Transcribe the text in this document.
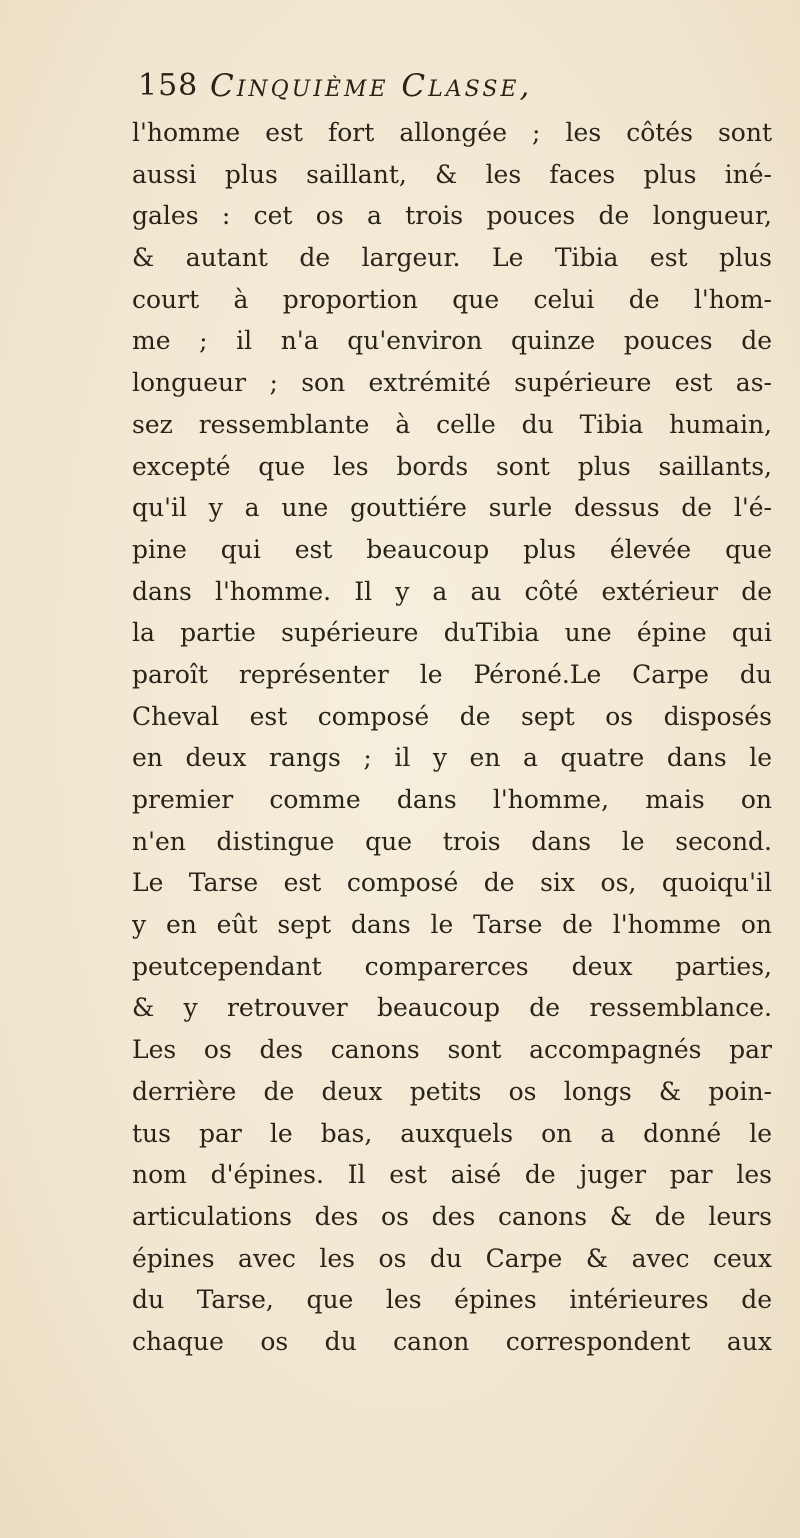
158 Cinquième Classe,
l'homme est fort allongée ; les côtés sont
aussi plus saillant, & les faces plus iné-
gales : cet os a trois pouces de longueur,
& autant de largeur. Le Tibia est plus
court à proportion que celui de l'hom-
me ; il n'a qu'environ quinze pouces de
longueur ; son extrémité supérieure est as-
sez ressemblante à celle du Tibia humain,
excepté que les bords sont plus saillants,
qu'il y a une gouttiére surle dessus de l'é-
pine qui est beaucoup plus élevée que
dans l'homme. Il y a au côté extérieur de
la partie supérieure duTibia une épine qui
paroît représenter le Péroné.Le Carpe du
Cheval est composé de sept os disposés
en deux rangs ; il y en a quatre dans le
premier comme dans l'homme, mais on
n'en distingue que trois dans le second.
Le Tarse est composé de six os, quoiqu'il
y en eût sept dans le Tarse de l'homme on
peutcependant comparerces deux parties,
& y retrouver beaucoup de ressemblance.
Les os des canons sont accompagnés par
derrière de deux petits os longs & poin-
tus par le bas, auxquels on a donné le
nom d'épines. Il est aisé de juger par les
articulations des os des canons & de leurs
épines avec les os du Carpe & avec ceux
du Tarse, que les épines intérieures de
chaque os du canon correspondent aux
